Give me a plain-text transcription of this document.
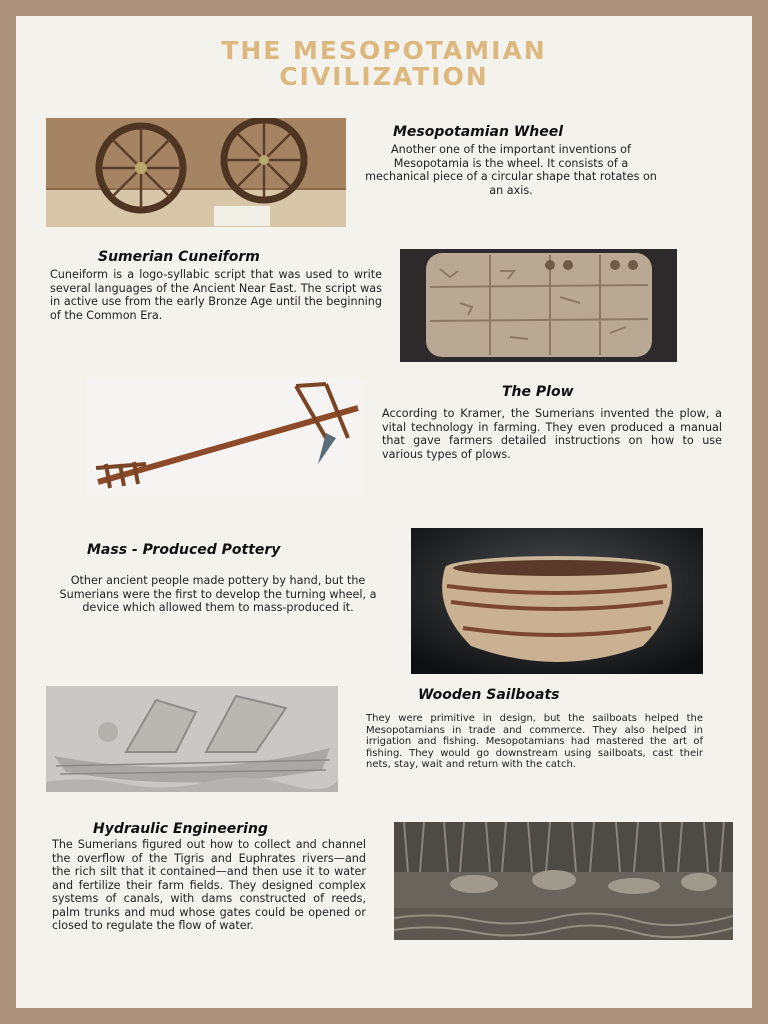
THE MESOPOTAMIAN
CIVILIZATION
Mesopotamian Wheel
Another one of the important inventions of Mesopotamia is the wheel. It consists of a mechanical piece of a circular shape that rotates on an axis.
Sumerian Cuneiform
Cuneiform is a logo-syllabic script that was used to write several languages of the Ancient Near East. The script was in active use from the early Bronze Age until the beginning of the Common Era.
The Plow
According to Kramer, the Sumerians invented the plow, a vital technology in farming. They even produced a manual that gave farmers detailed instructions on how to use various types of plows.
Mass - Produced Pottery
Other ancient people made pottery by hand, but the Sumerians were the first to develop the turning wheel, a device which allowed them to mass-produced it.
Wooden Sailboats
They were primitive in design, but the sailboats helped the Mesopotamians in trade and commerce. They also helped in irrigation and fishing. Mesopotamians had mastered the art of fishing. They would go downstream using sailboats, cast their nets, stay, wait and return with the catch.
Hydraulic Engineering
The Sumerians figured out how to collect and channel the overflow of the Tigris and Euphrates rivers—and the rich silt that it contained—and then use it to water and fertilize their farm fields. They designed complex systems of canals, with dams constructed of reeds, palm trunks and mud whose gates could be opened or closed to regulate the flow of water.
